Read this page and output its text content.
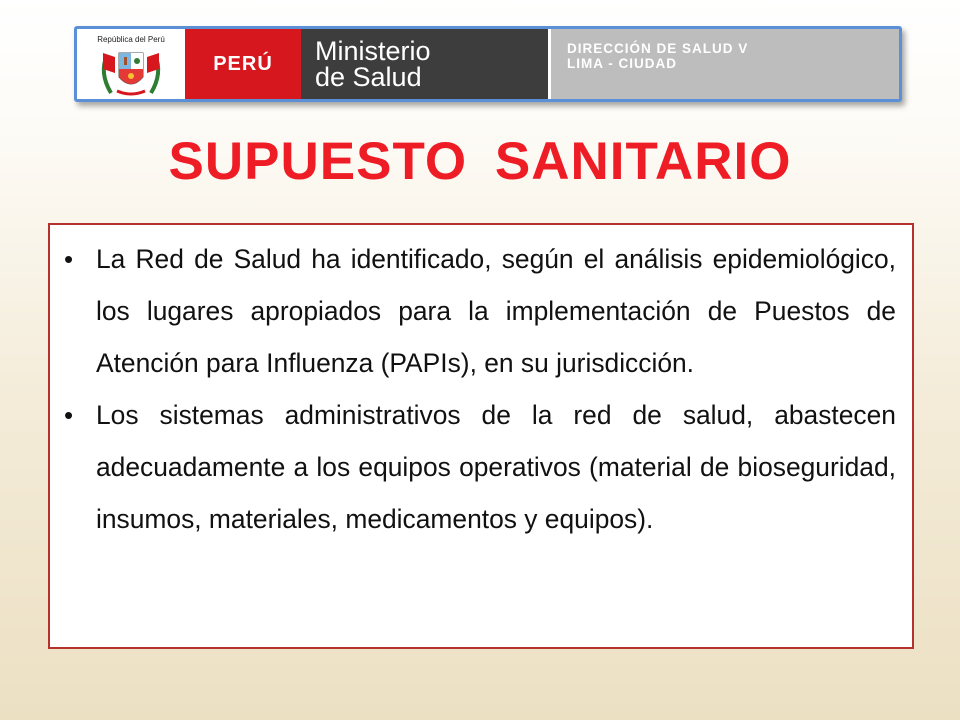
República del Perú
PERÚ	Ministerio
de Salud
DIRECCIÓN DE SALUD V
LIMA - CIUDAD
SUPUESTO SANITARIO
• La Red de Salud ha identificado, según el análisis epidemiológico, los lugares apropiados para la implementación de Puestos de Atención para Influenza (PAPIs), en su jurisdicción.
• Los sistemas administrativos de la red de salud, abastecen adecuadamente a los equipos operativos (material de bioseguridad, insumos, materiales, medicamentos y equipos).
